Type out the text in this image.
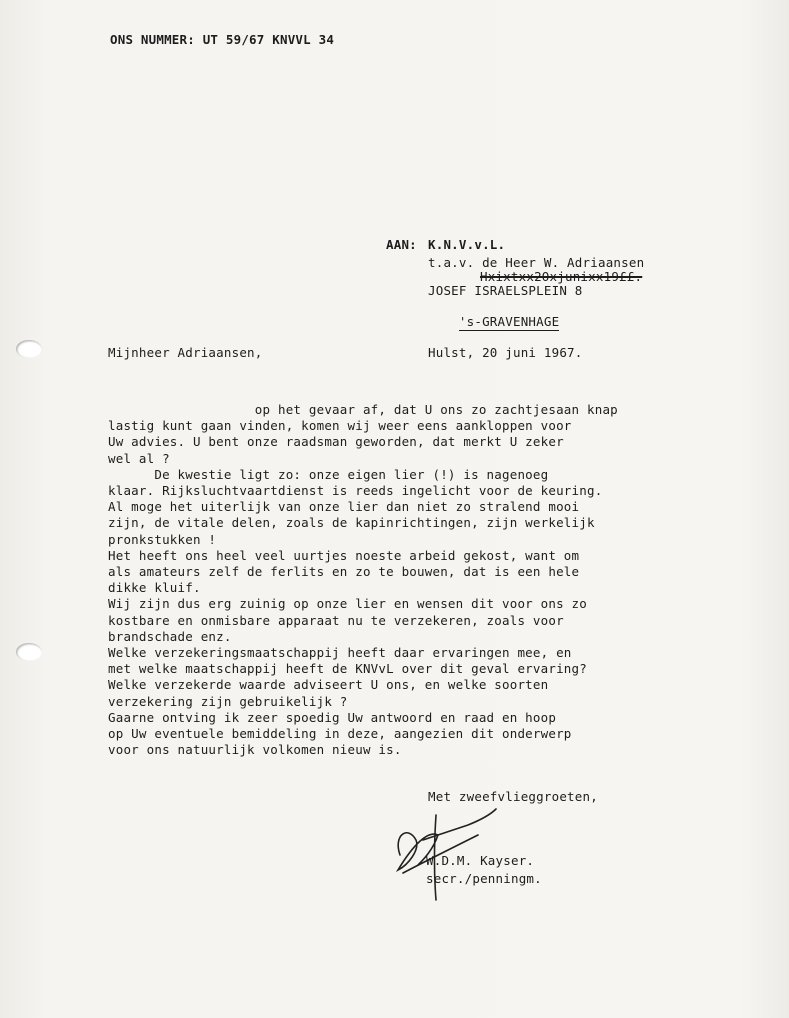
ONS NUMMER: UT 59/67 KNVVL 34
AAN: K.N.V.v.L.
t.a.v. de Heer W. Adriaansen
Hxixtxx2Oxjunixx19££.
JOSEF ISRAELSPLEIN 8

's-GRAVENHAGE

Mijnheer Adriaansen,	Hulst, 20 juni 1967.
op het gevaar af, dat U ons zo zachtjesaan knap
lastig kunt gaan vinden, komen wij weer eens aankloppen voor
Uw advies. U bent onze raadsman geworden, dat merkt U zeker
wel al ?
De kwestie ligt zo: onze eigen lier (!) is nagenoeg
klaar. Rijksluchtvaartdienst is reeds ingelicht voor de keuring.
Al moge het uiterlijk van onze lier dan niet zo stralend mooi
zijn, de vitale delen, zoals de kapinrichtingen, zijn werkelijk
pronkstukken !
Het heeft ons heel veel uurtjes noeste arbeid gekost, want om
als amateurs zelf de ferlits en zo te bouwen, dat is een hele
dikke kluif.
Wij zijn dus erg zuinig op onze lier en wensen dit voor ons zo
kostbare en onmisbare apparaat nu te verzekeren, zoals voor
brandschade enz.
Welke verzekeringsmaatschappij heeft daar ervaringen mee, en
met welke maatschappij heeft de KNVvL over dit geval ervaring?
Welke verzekerde waarde adviseert U ons, en welke soorten
verzekering zijn gebruikelijk ?
Gaarne ontving ik zeer spoedig Uw antwoord en raad en hoop
op Uw eventuele bemiddeling in deze, aangezien dit onderwerp
voor ons natuurlijk volkomen nieuw is.
Met zweefvlieggroeten,
W.D.M. Kayser.
secr./penningm.
